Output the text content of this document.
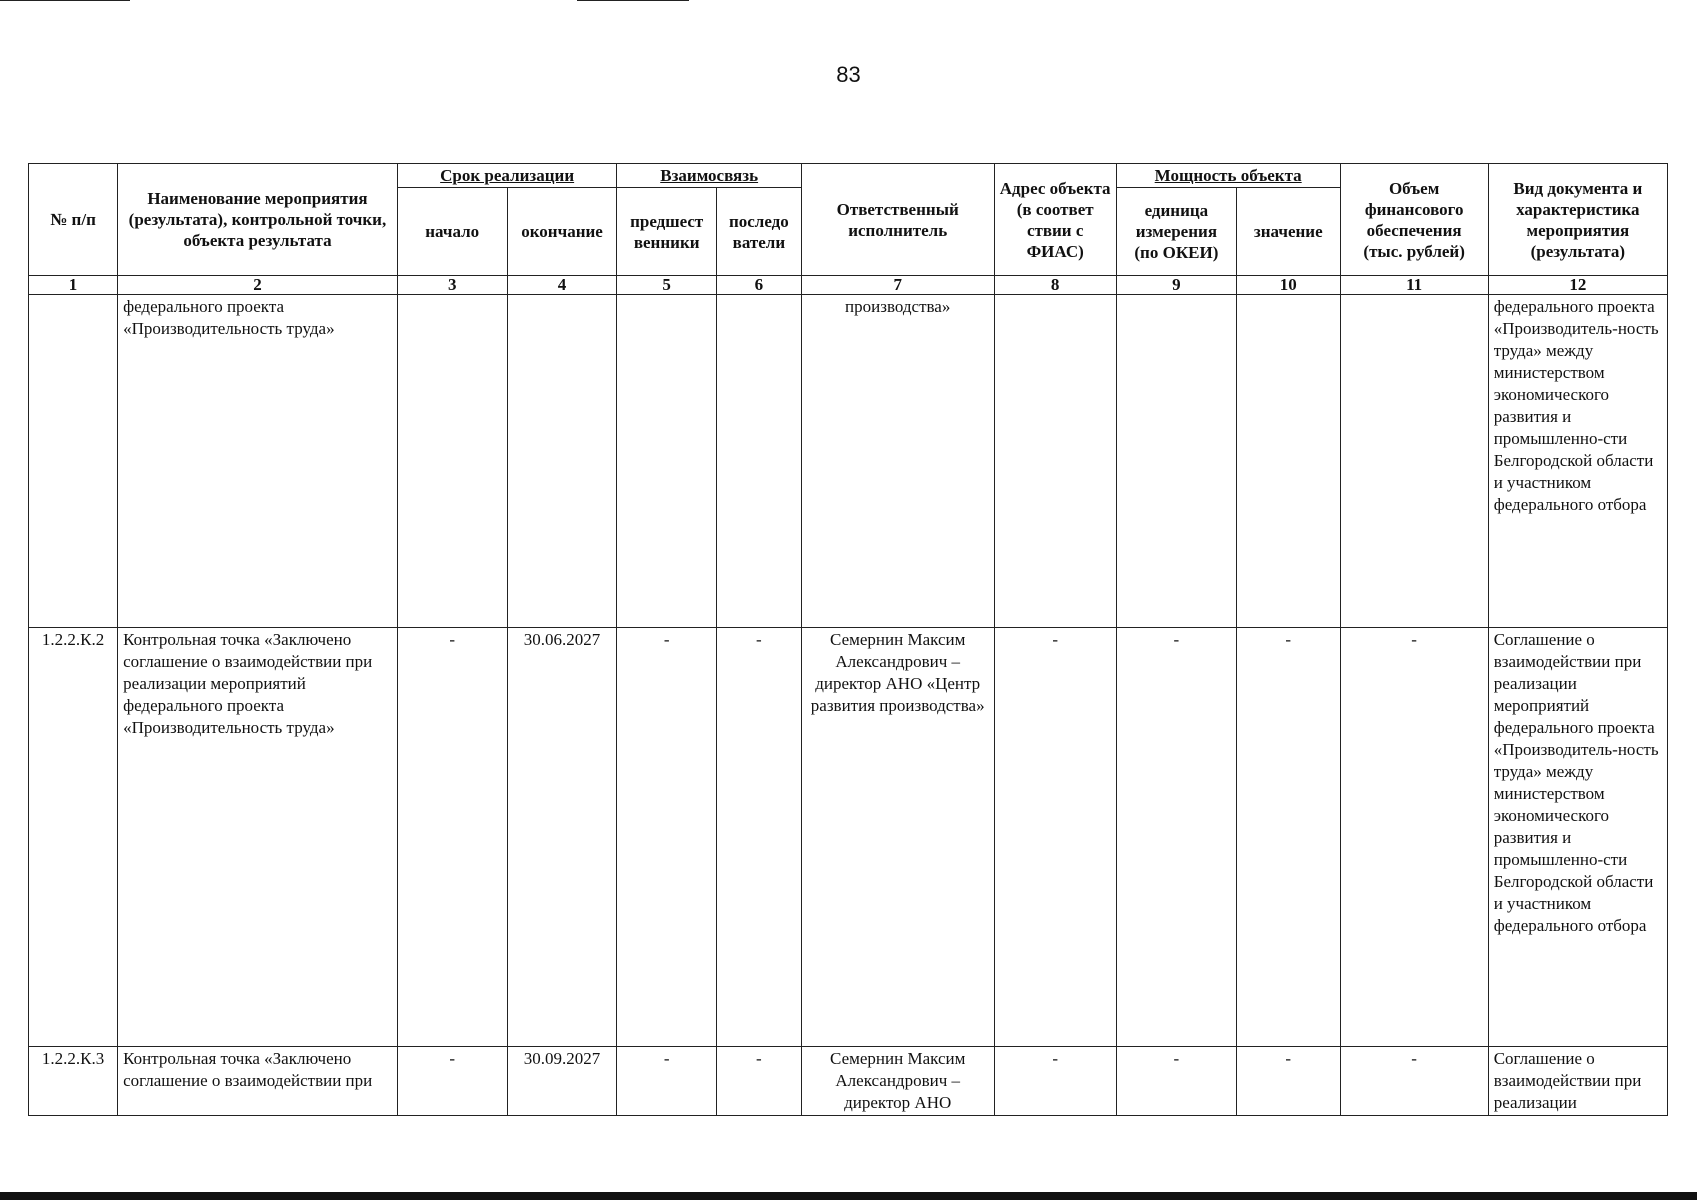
83
№ п/п	Наименование мероприятия (результата), контрольной точки, объекта результата	Срок реализации		Взаимосвязь		Ответственный исполнитель	Адрес объекта (в соответ ствии с ФИАС)	Мощность объекта		Объем финансового обеспечения (тыс. рублей)	Вид документа и характеристика мероприятия (результата)
		начало	окончание	предшест венники	последо ватели			единица измерения (по ОКЕИ)	значение		
1	2	3	4	5	6	7	8	9	10	11	12
	федерального проекта «Производительность труда»					производства»					федерального проекта «Производитель-ность труда» между министерством экономического развития и промышленно-сти Белгородской области и участником федерального отбора
1.2.2.К.2	Контрольная точка «Заключено соглашение о взаимодействии при реализации мероприятий федерального проекта «Производительность труда»	-	30.06.2027	-	-	Семернин Максим Александрович – директор АНО «Центр развития производства»	-	-	-	-	Соглашение о взаимодействии при реализации мероприятий федерального проекта «Производитель-ность труда» между министерством экономического развития и промышленно-сти Белгородской области и участником федерального отбора
1.2.2.К.3	Контрольная точка «Заключено соглашение о взаимодействии при	-	30.09.2027	-	-	Семернин Максим Александрович – директор АНО	-	-	-	-	Соглашение о взаимодействии при реализации
